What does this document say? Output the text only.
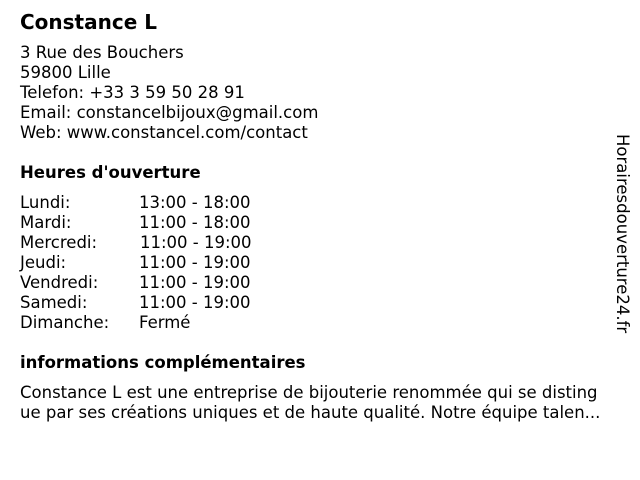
Constance L
3 Rue des Bouchers
59800 Lille
Telefon: +33 3 59 50 28 91
Email: constancelbijoux@gmail.com
Web: www.constancel.com/contact
Heures d'ouverture
Lundi:	13:00 - 18:00
Mardi:	11:00 - 18:00
Mercredi:	11:00 - 19:00
Jeudi:	11:00 - 19:00
Vendredi: 11:00 - 19:00
Samedi:	11:00 - 19:00
Dimanche: Fermé
informations complémentaires
Constance L est une entreprise de bijouterie renommée qui se disting
ue par ses créations uniques et de haute qualité. Notre équipe talen...
Horairesdouverture24.fr
